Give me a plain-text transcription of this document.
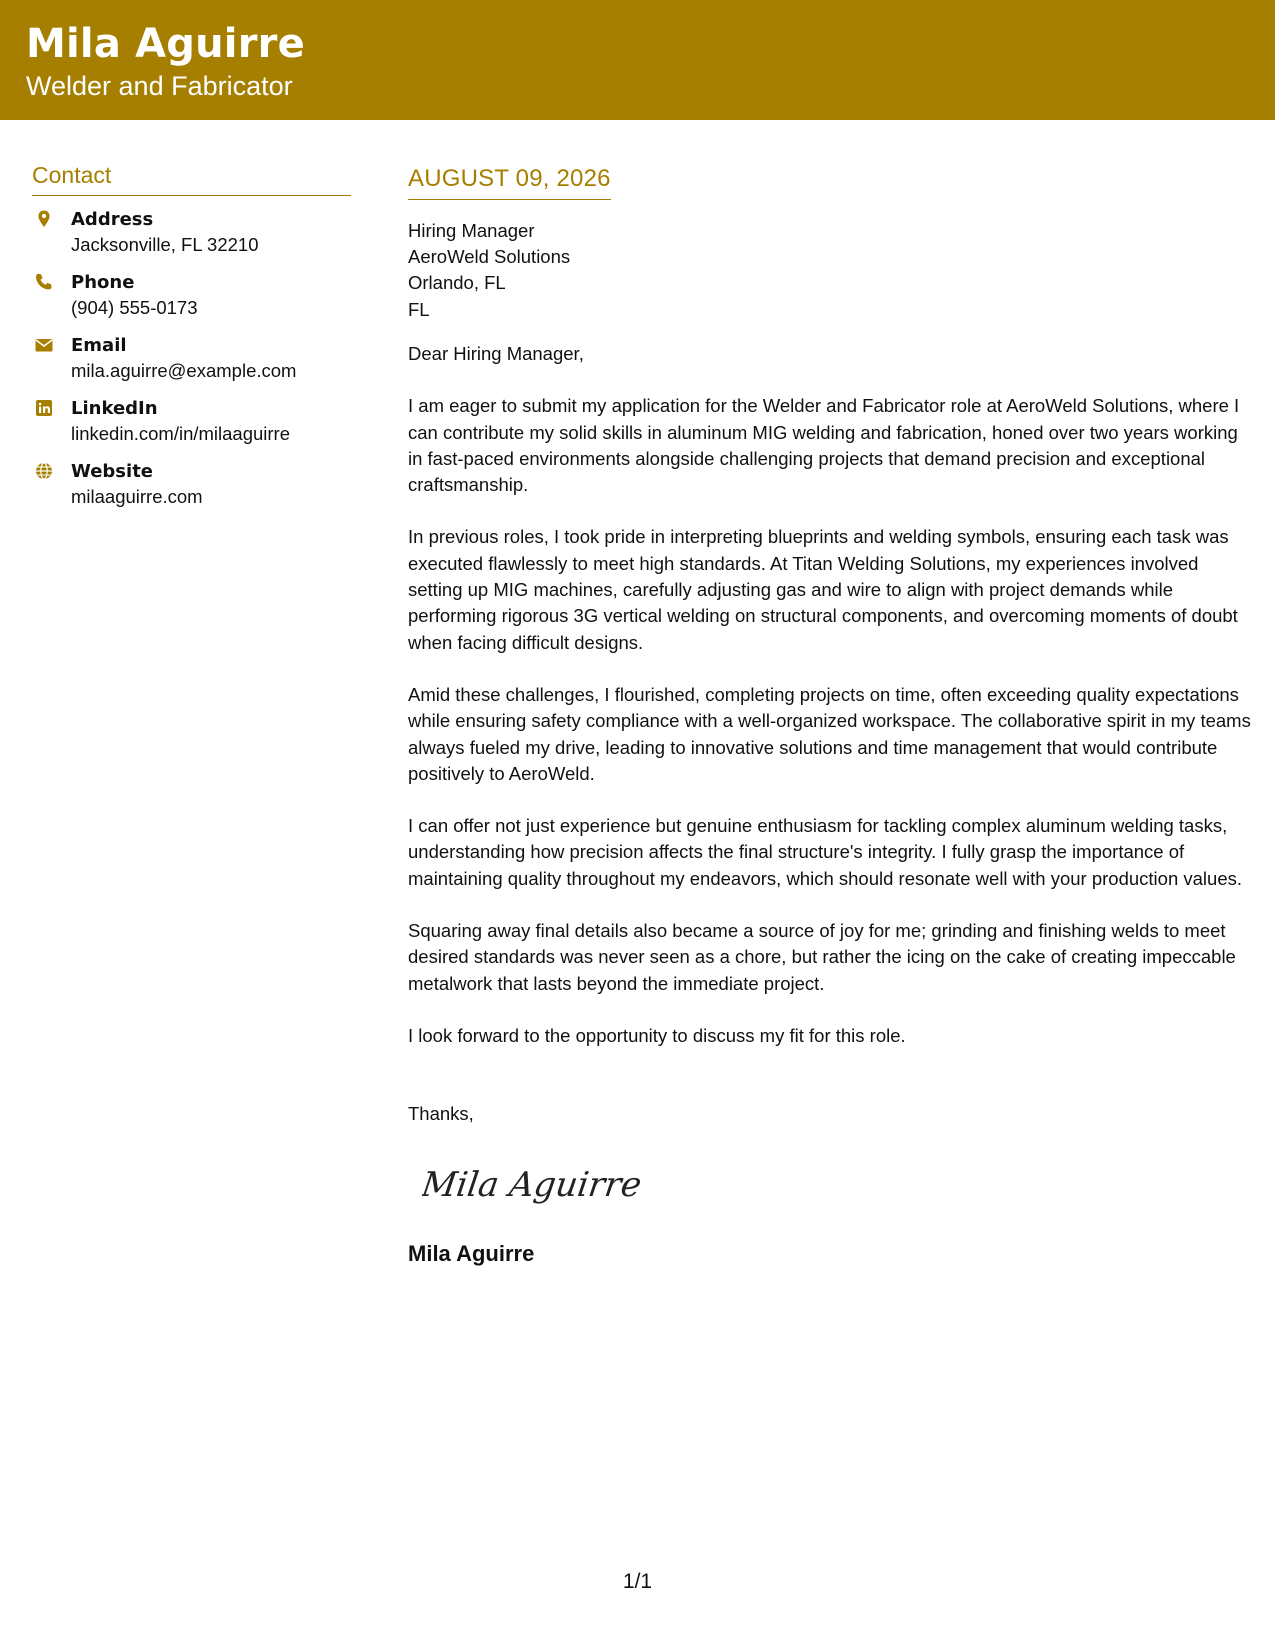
Mila Aguirre
Welder and Fabricator
Contact
Address
Jacksonville, FL 32210
Phone
(904) 555-0173
Email
mila.aguirre@example.com
LinkedIn
linkedin.com/in/milaaguirre
Website
milaaguirre.com
AUGUST 09, 2026
Hiring Manager
AeroWeld Solutions
Orlando, FL
FL
Dear Hiring Manager,
I am eager to submit my application for the Welder and Fabricator role at AeroWeld Solutions, where I can contribute my solid skills in aluminum MIG welding and fabrication, honed over two years working in fast-paced environments alongside challenging projects that demand precision and exceptional craftsmanship.
In previous roles, I took pride in interpreting blueprints and welding symbols, ensuring each task was executed flawlessly to meet high standards. At Titan Welding Solutions, my experiences involved setting up MIG machines, carefully adjusting gas and wire to align with project demands while performing rigorous 3G vertical welding on structural components, and overcoming moments of doubt when facing difficult designs.
Amid these challenges, I flourished, completing projects on time, often exceeding quality expectations while ensuring safety compliance with a well-organized workspace. The collaborative spirit in my teams always fueled my drive, leading to innovative solutions and time management that would contribute positively to AeroWeld.
I can offer not just experience but genuine enthusiasm for tackling complex aluminum welding tasks, understanding how precision affects the final structure's integrity. I fully grasp the importance of maintaining quality throughout my endeavors, which should resonate well with your production values.
Squaring away final details also became a source of joy for me; grinding and finishing welds to meet desired standards was never seen as a chore, but rather the icing on the cake of creating impeccable metalwork that lasts beyond the immediate project.
I look forward to the opportunity to discuss my fit for this role.
Thanks,
Mila Aguirre
Mila Aguirre
1/1
